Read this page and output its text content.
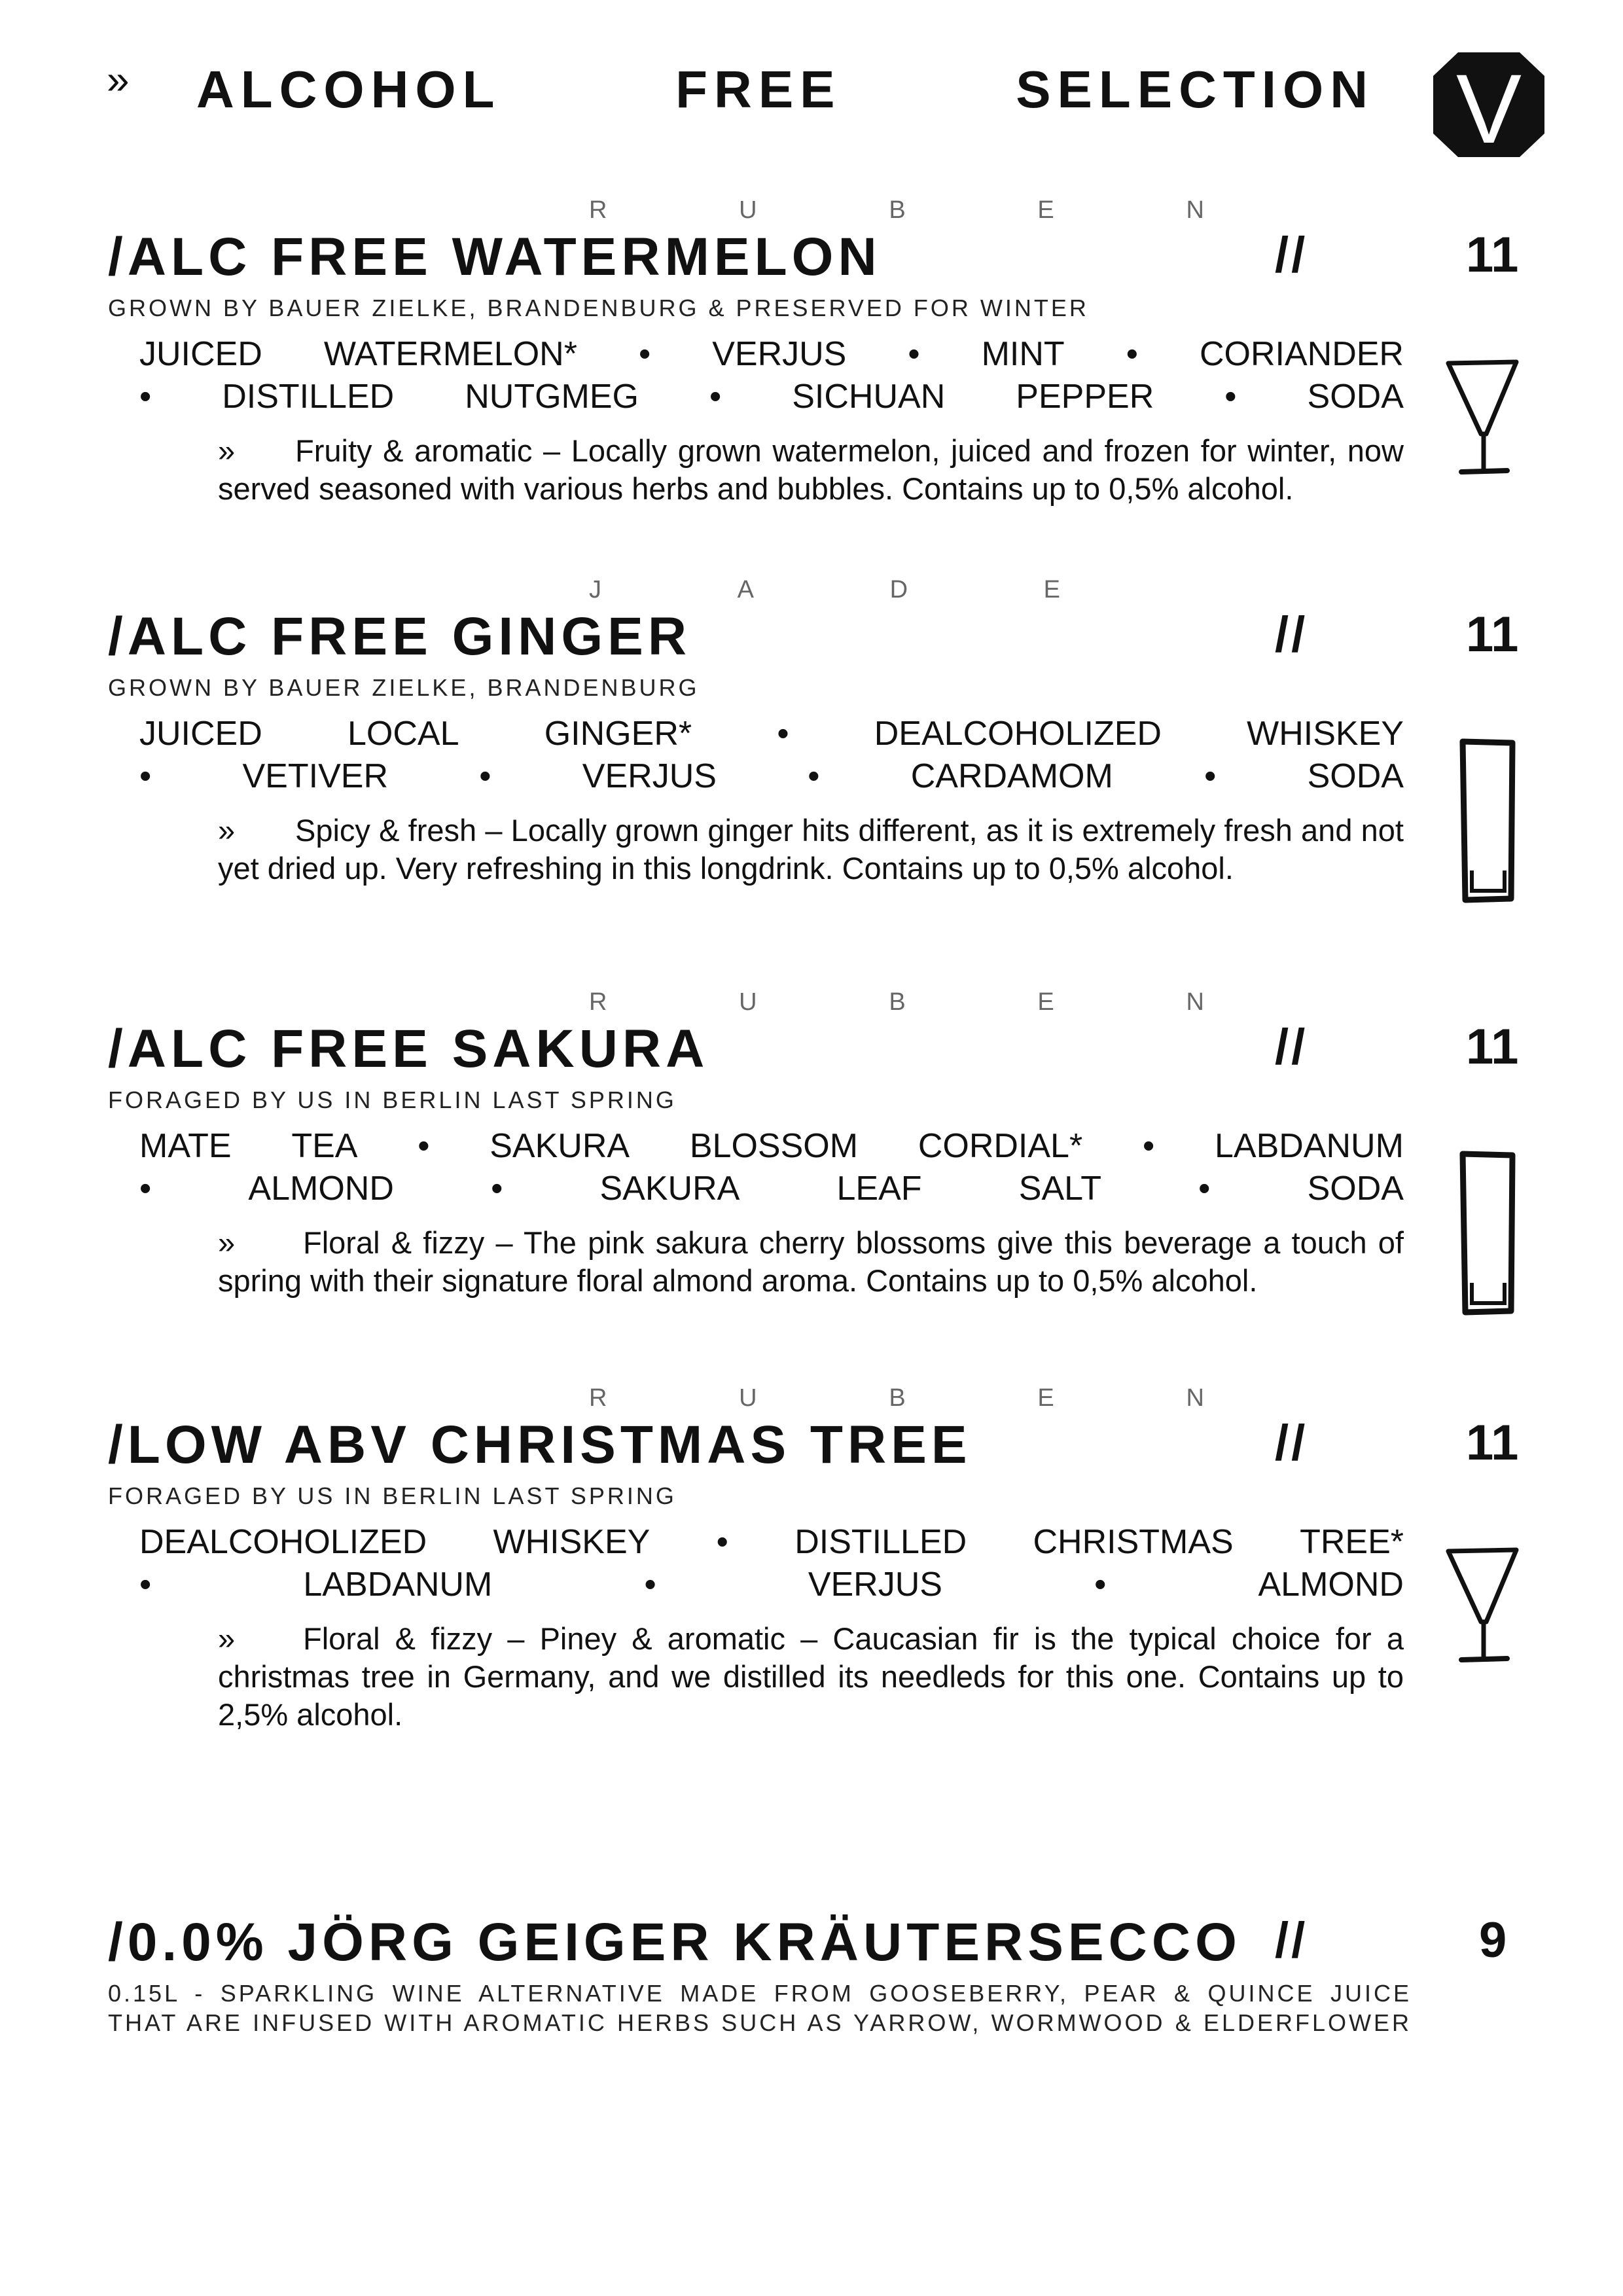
» ALCOHOL	FREE	SELECTION V
R	U	B	E	N
/ALC FREE WATERMELON	//	11
GROWN BY BAUER ZIELKE, BRANDENBURG & PRESERVED FOR WINTER
JUICED WATERMELON* • VERJUS • MINT • CORIANDER
• DISTILLED NUTGMEG • SICHUAN PEPPER • SODA
» Fruity & aromatic – Locally grown watermelon, juiced and frozen for winter, now served seasoned with various herbs and bubbles. Contains up to 0,5% alcohol.
J	A	D	E
/ALC FREE GINGER	//	11
GROWN BY BAUER ZIELKE, BRANDENBURG
JUICED	LOCAL	GINGER*	•	DEALCOHOLIZED	WHISKEY
•	VETIVER	•	VERJUS	•	CARDAMOM	•	SODA
» Spicy & fresh – Locally grown ginger hits different, as it is extremely fresh and not yet dried up. Very refreshing in this longdrink. Contains up to 0,5% alcohol.
R	U	B	E	N
/ALC FREE SAKURA	//	11
FORAGED BY US IN BERLIN LAST SPRING
MATE TEA • SAKURA BLOSSOM CORDIAL* • LABDANUM
•	ALMOND	•	SAKURA	LEAF	SALT	•	SODA
» Floral & fizzy – The pink sakura cherry blossoms give this beverage a touch of spring with their signature floral almond aroma. Contains up to 0,5% alcohol.
R	U	B	E	N
/LOW ABV CHRISTMAS TREE	//	11
FORAGED BY US IN BERLIN LAST SPRING
DEALCOHOLIZED WHISKEY • DISTILLED CHRISTMAS TREE*
•	LABDANUM	•	VERJUS	•	ALMOND
» Floral & fizzy – Piney & aromatic – Caucasian fir is the typical choice for a christmas tree in Germany, and we distilled its needleds for this one. Contains up to 2,5% alcohol.
/0.0% JÖRG GEIGER KRÄUTERSECCO //	9
0.15L - SPARKLING WINE ALTERNATIVE MADE FROM GOOSEBERRY, PEAR & QUINCE JUICE
THAT ARE INFUSED WITH AROMATIC HERBS SUCH AS YARROW, WORMWOOD & ELDERFLOWER
